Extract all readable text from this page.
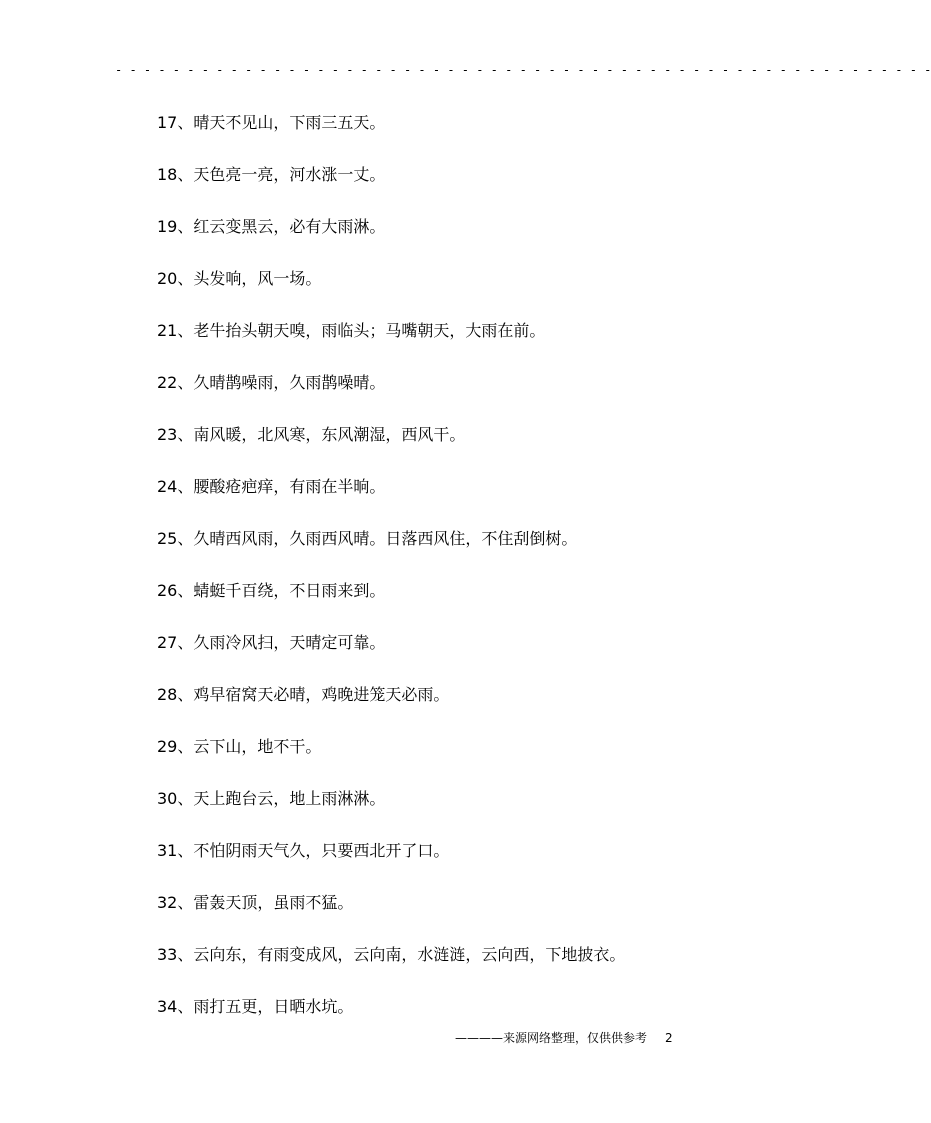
- - - - - - - - - - - - - - - - - - - - - - - - - - - - - - - - - - - - - - - - - - - - - - - - - - - - - - - - -
17、晴天不见山，下雨三五天。
18、天色亮一亮，河水涨一丈。
19、红云变黑云，必有大雨淋。
20、头发响，风一场。
21、老牛抬头朝天嗅，雨临头；马嘴朝天，大雨在前。
22、久晴鹊噪雨，久雨鹊噪晴。
23、南风暖，北风寒，东风潮湿，西风干。
24、腰酸疮疤痒，有雨在半晌。
25、久晴西风雨，久雨西风晴。日落西风住，不住刮倒树。
26、蜻蜓千百绕，不日雨来到。
27、久雨冷风扫，天晴定可靠。
28、鸡早宿窝天必晴，鸡晚进笼天必雨。
29、云下山，地不干。
30、天上跑台云，地上雨淋淋。
31、不怕阴雨天气久，只要西北开了口。
32、雷轰天顶，虽雨不猛。
33、云向东，有雨变成风，云向南，水涟涟，云向西，下地披衣。
34、雨打五更，日晒水坑。
————来源网络整理，仅供供参考 2
